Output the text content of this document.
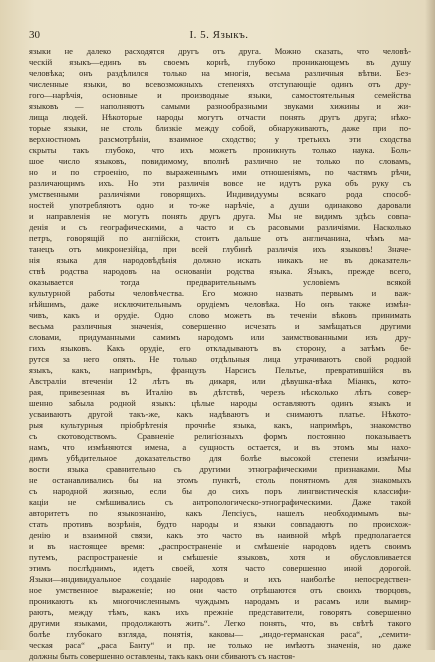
30	I. 5. Языкъ.
языки не далеко расходятся другъ отъ друга. Можно сказать, что человѣ-
ческій языкъ—единъ въ своемъ корнѣ, глубоко проникающемъ въ душу
человѣка; онъ раздѣлился только на многія, весьма различныя вѣтви. Без-
численные языки, во всевозможныхъ степеняхъ отступающіе одинъ отъ дру-
гого—нарѣчія, основные и производные языки, самостоятельныя семейства
языковъ — наполняютъ самыми разнообразными звуками хижины и жи-
лища людей. Нѣкоторые народы могутъ отчасти понять другъ друга; нѣко-
торые языки, не столь близкіе между собой, обнаруживаютъ, даже при по-
верхностномъ разсмотрѣніи, взаимное сходство; у третьихъ эти сходства
скрыты такъ глубоко, что ихъ можетъ проникнуть только наука. Боль-
шое число языковъ, повидимому, вполнѣ различно не только по словамъ,
но и по строенію, по выраженнымъ ими отношеніямъ, по частямъ рѣчи,
различающимъ ихъ. Но эти различія вовсе не идутъ рука объ руку съ
умственными различіями говорящихъ. Индивидуумы всякаго рода способ-
ностей употребляютъ одно и то-же нарѣчіе, а души одинаково даровали
и направленія не могутъ понять другъ друга. Мы не видимъ здѣсь совпа-
денія и съ географическими, а часто и съ расовыми различіями. Насколько
петръ, говорящій по англійски, стоитъ дальше отъ англичанина, чѣмъ ма-
танецъ отъ микронезійца, при всей глубинѣ различія ихъ языковъ! Значе-
нія языка для народовѣдѣнія должно искать никакъ не въ доказатель-
ствѣ родства народовъ на основаніи родства языка. Языкъ, прежде всего,
оказывается тогда предварительнымъ условіемъ всякой
культурной работы человѣчества. Его можно назвать первымъ и важ-
нѣйшимъ, даже исключительнымъ орудіемъ человѣка. Но онъ также измѣн-
чивъ, какъ и орудіе. Одно слово можетъ въ теченіи вѣковъ принимать
весьма различныя значенія, совершенно исчезать и замѣщаться другими
словами, придуманными самимъ народомъ или заимствованными изъ дру-
гихъ языковъ. Какъ орудіе, его откладываютъ въ сторону, а затѣмъ бе-
рутся за него опять. Не только отдѣльныя лица утрачиваютъ свой родной
языкъ, какъ, напримѣръ, французъ Нарсисъ Пельтье, превратившійся въ
Австраліи втеченіи 12 лѣтъ въ дикаря, или дѣвушка-вѣка Міанкъ, кото-
рая, привезенная въ Италію въ дѣтствѣ, черезъ нѣсколько лѣтъ совер-
шенно забыла родной языкъ: цѣлые народы оставляютъ одинъ языкъ и
усваиваютъ другой такъ-же, какъ надѣваютъ и снимаютъ платье. Нѣкото-
рыя культурныя пріобрѣтенія прочнѣе языка, какъ, напримѣръ, знакомство
съ скотоводствомъ. Сравненіе религіозныхъ формъ постоянно показываетъ
намъ, что измѣняются имена, а сущность остается, и въ этомъ мы нахо-
димъ убѣдительное доказательство для болѣе высокой степени измѣнчи-
вости языка сравнительно съ другими этнографическими признаками. Мы
не останавливались бы на этомъ пунктѣ, столь понятномъ для знакомыхъ
съ народной жизнью, если бы до сихъ поръ лингвистическія классифи-
каціи не смѣшивались съ антропологическо-этнографическими. Даже такой
авторитетъ по языкознанію, какъ Лепсіусъ, нашелъ необходимымъ вы-
стать противъ возрѣнія, будто народы и языки совпадаютъ по происхож-
денію и взаимной связи, какъ это часто въ наивной мѣрѣ предполагается
и въ настоящее время: „распространеніе и смѣшеніе народовъ идетъ своимъ
путемъ, распространеніе и смѣшеніе языковъ, хотя и обусловливается
этимъ послѣднимъ, идетъ своей, хотя часто совершенно иной дорогой.
Языки—индивидуальное созданіе народовъ и ихъ наиболѣе непосредствен-
ное умственное выраженіе; но они часто отрѣшаются отъ своихъ творцовъ,
проникаютъ къ многочисленнымъ чуждымъ народамъ и расамъ или вымир-
раютъ, между тѣмъ, какъ ихъ прежніе представители, говорятъ совершенно
другими языками, продолжаютъ жить“. Легко понять, что, въ свѣтѣ такого
болѣе глубокаго взгляда, понятія, каковы— „индо-германская раса“, „семити-
ческая раса“ „раса Банту“ и пр. не только не имѣютъ значенія, но даже
должны быть совершенно оставлены, такъ какъ они сбиваютъ съ настоя-
